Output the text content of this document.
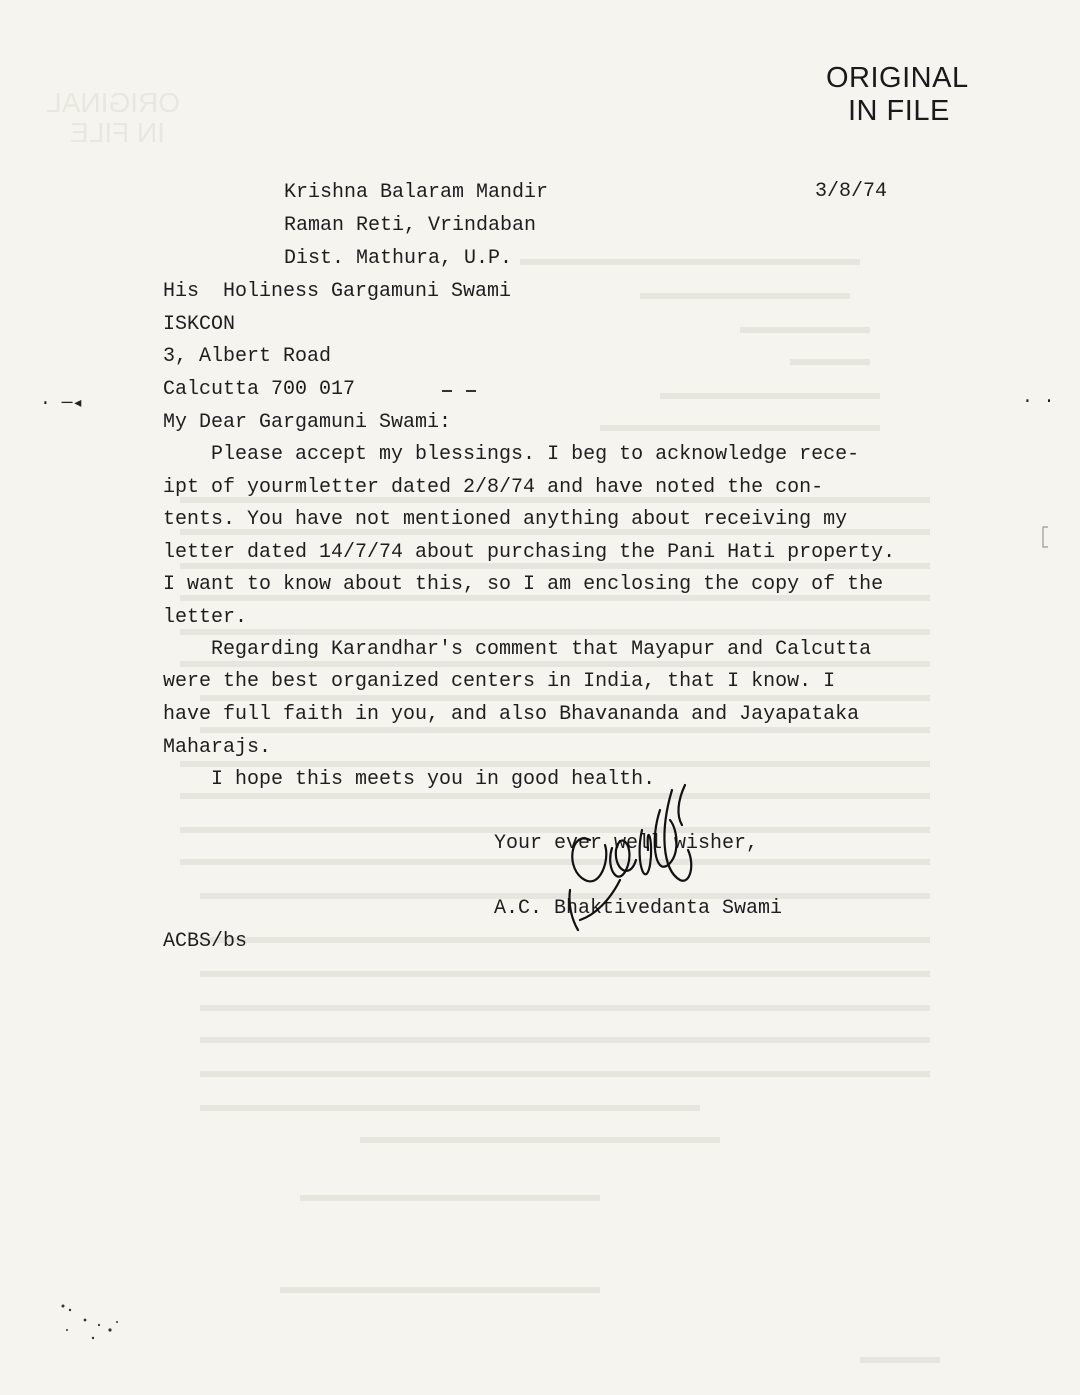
ORIGINAL
IN FILE
ORIGINAL
IN FILE
3/8/74
Krishna Balaram Mandir
Raman Reti, Vrindaban
Dist. Mathura, U.P.
His  Holiness Gargamuni Swami
ISKCON
3, Albert Road
Calcutta 700 017
My Dear Gargamuni Swami:
Please accept my blessings. I beg to acknowledge rece-
ipt of yourmletter dated 2/8/74 and have noted the con-
tents. You have not mentioned anything about receiving my
letter dated 14/7/74 about purchasing the Pani Hati property.
I want to know about this, so I am enclosing the copy of the
letter.
Regarding Karandhar's comment that Mayapur and Calcutta
were the best organized centers in India, that I know. I
have full faith in you, and also Bhavananda and Jayapataka
Maharajs.
I hope this meets you in good health.
Your ever well wisher,
A.C. Bhaktivedanta Swami
ACBS/bs
· ─◂	· ·
